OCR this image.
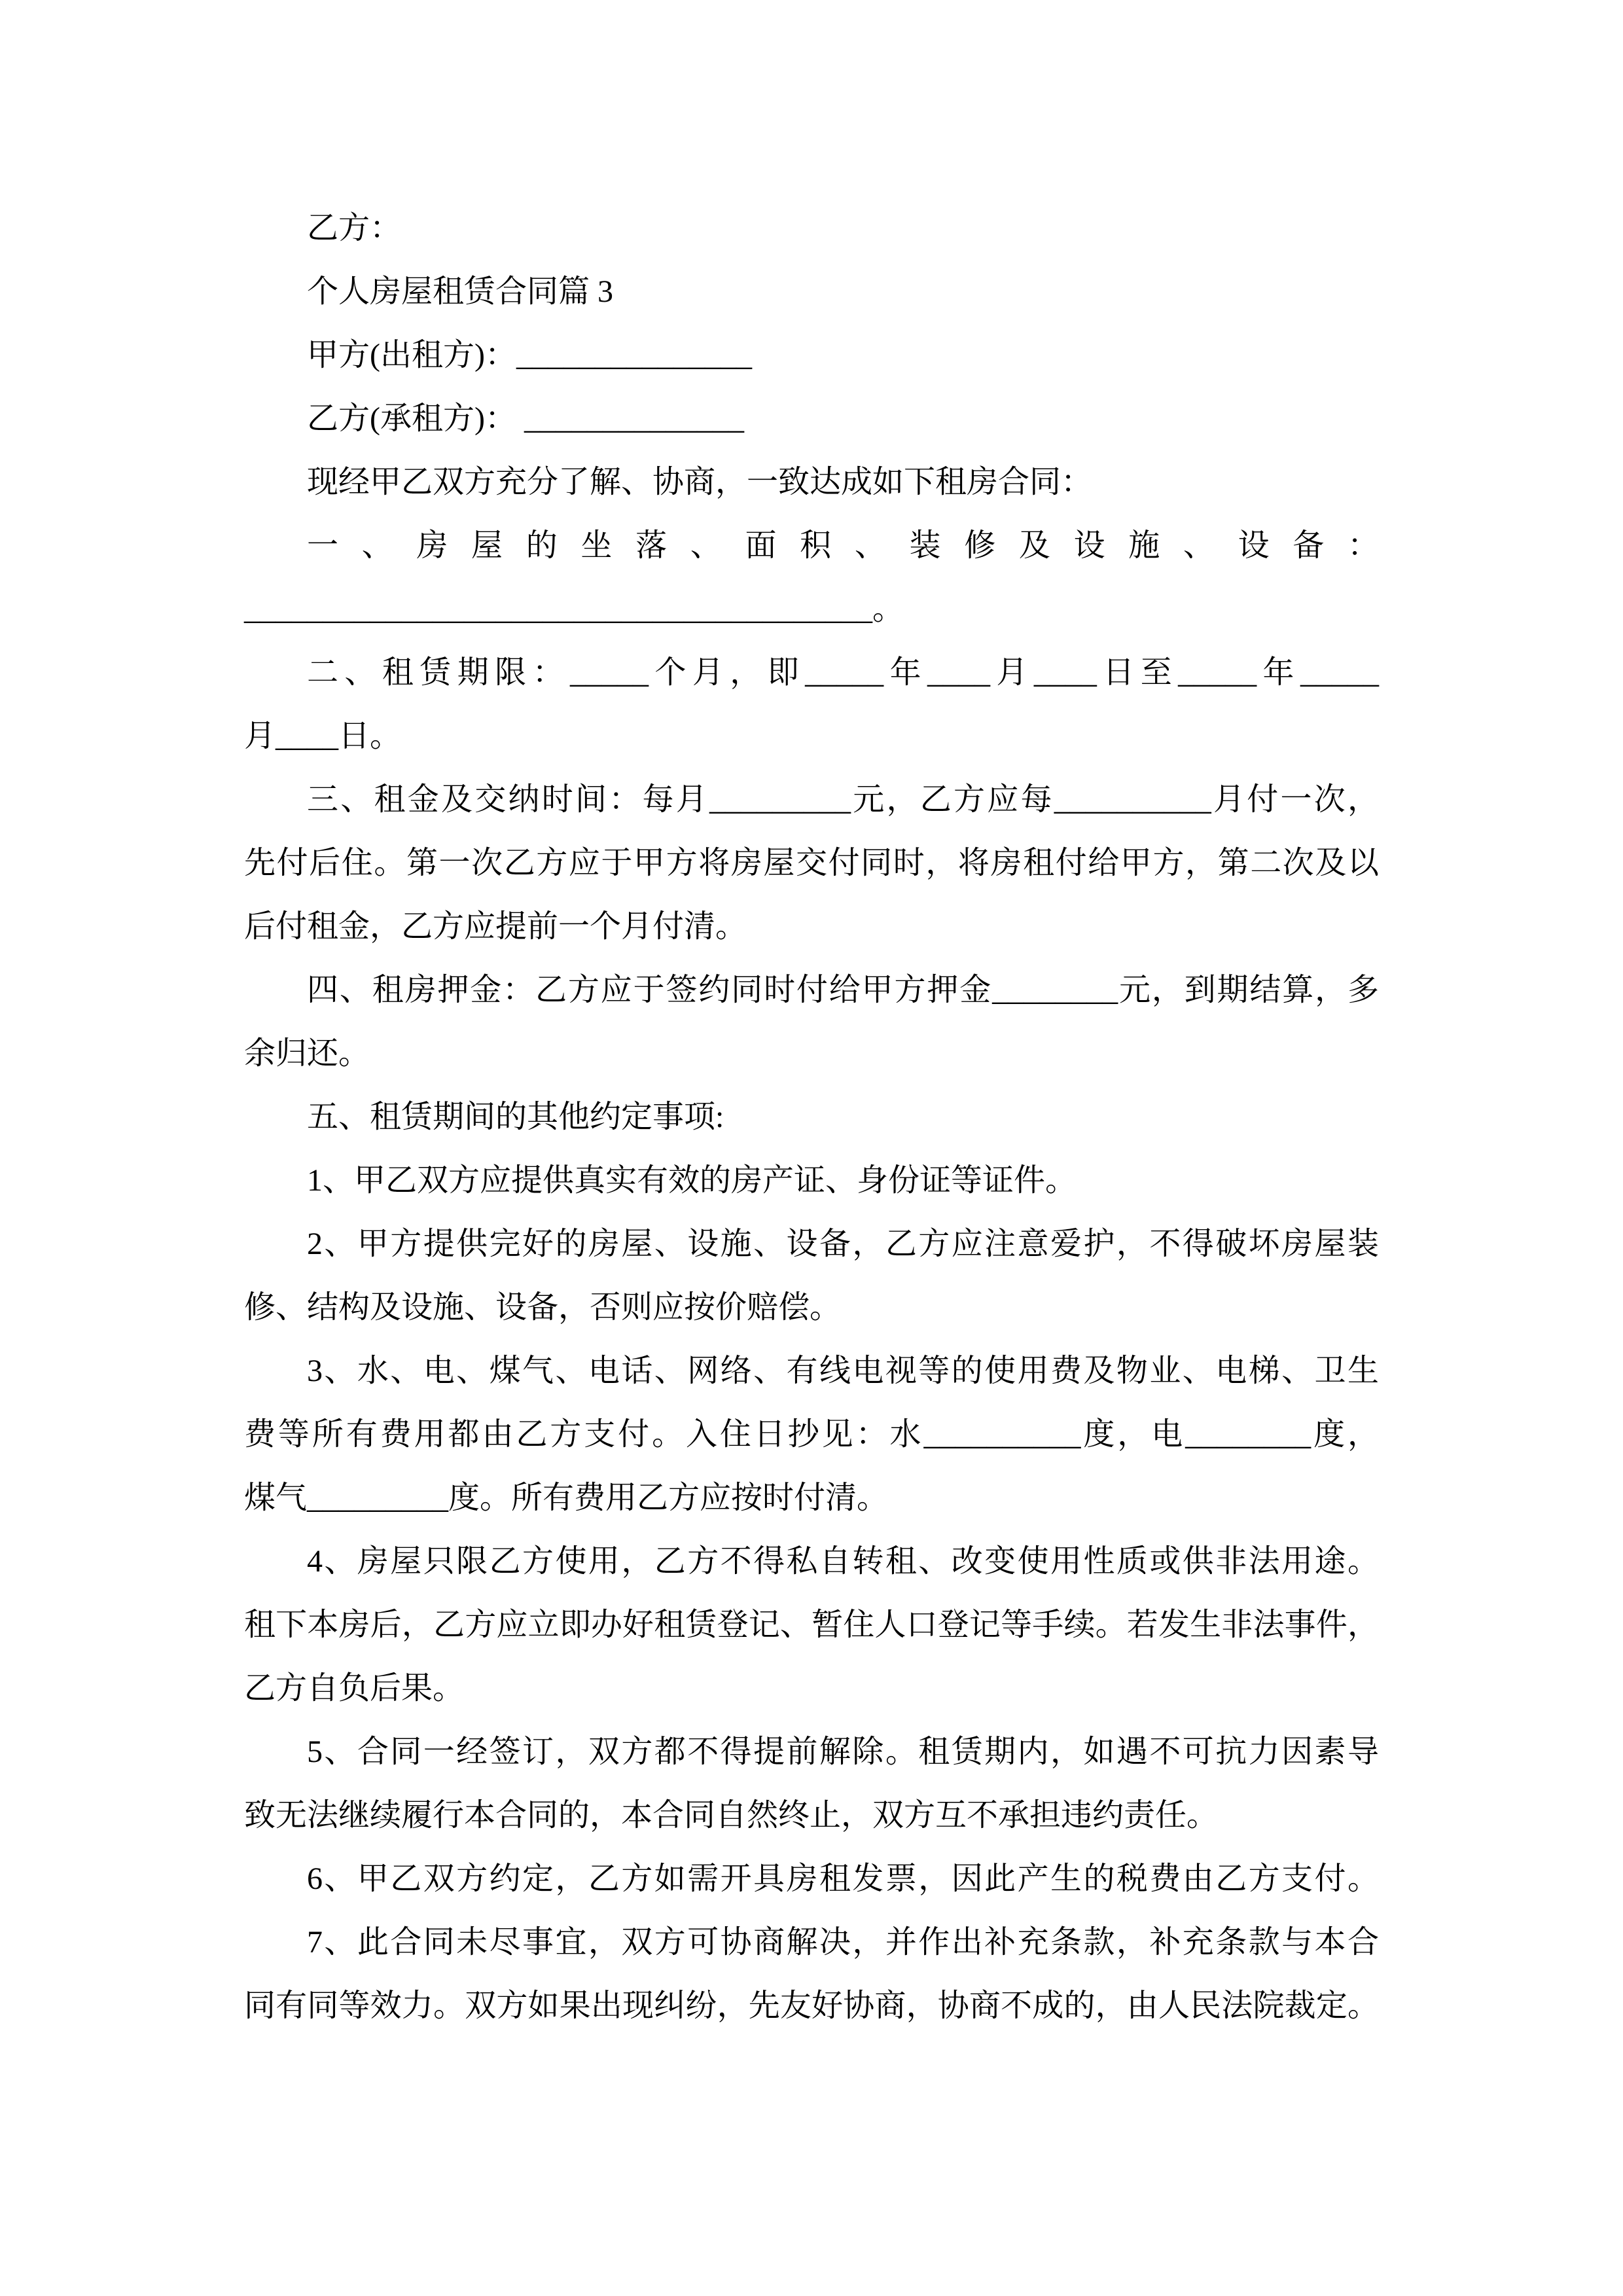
乙方：

个人房屋租赁合同篇 3

甲方(出租方)：_______________

乙方(承租方)： ______________

现经甲乙双方充分了解、协商，一致达成如下租房合同：

一、房屋的坐落、面积、装修及设施、设备：

________________________________________。

二、租赁期限：_____个月，即_____年____月____日至_____年_____

月____日。

三、租金及交纳时间：每月_________元，乙方应每__________月付一次，

先付后住。第一次乙方应于甲方将房屋交付同时，将房租付给甲方，第二次及以

后付租金，乙方应提前一个月付清。

四、租房押金：乙方应于签约同时付给甲方押金________元，到期结算，多

余归还。

五、租赁期间的其他约定事项:

1、甲乙双方应提供真实有效的房产证、身份证等证件。

2、甲方提供完好的房屋、设施、设备，乙方应注意爱护，不得破坏房屋装

修、结构及设施、设备，否则应按价赔偿。

3、水、电、煤气、电话、网络、有线电视等的使用费及物业、电梯、卫生

费等所有费用都由乙方支付。入住日抄见：水__________度，电________度，

煤气_________度。所有费用乙方应按时付清。

4、房屋只限乙方使用，乙方不得私自转租、改变使用性质或供非法用途。

租下本房后，乙方应立即办好租赁登记、暂住人口登记等手续。若发生非法事件，

乙方自负后果。

5、合同一经签订，双方都不得提前解除。租赁期内，如遇不可抗力因素导

致无法继续履行本合同的，本合同自然终止，双方互不承担违约责任。

6、甲乙双方约定，乙方如需开具房租发票，因此产生的税费由乙方支付。

7、此合同未尽事宜，双方可协商解决，并作出补充条款，补充条款与本合

同有同等效力。双方如果出现纠纷，先友好协商，协商不成的，由人民法院裁定。
